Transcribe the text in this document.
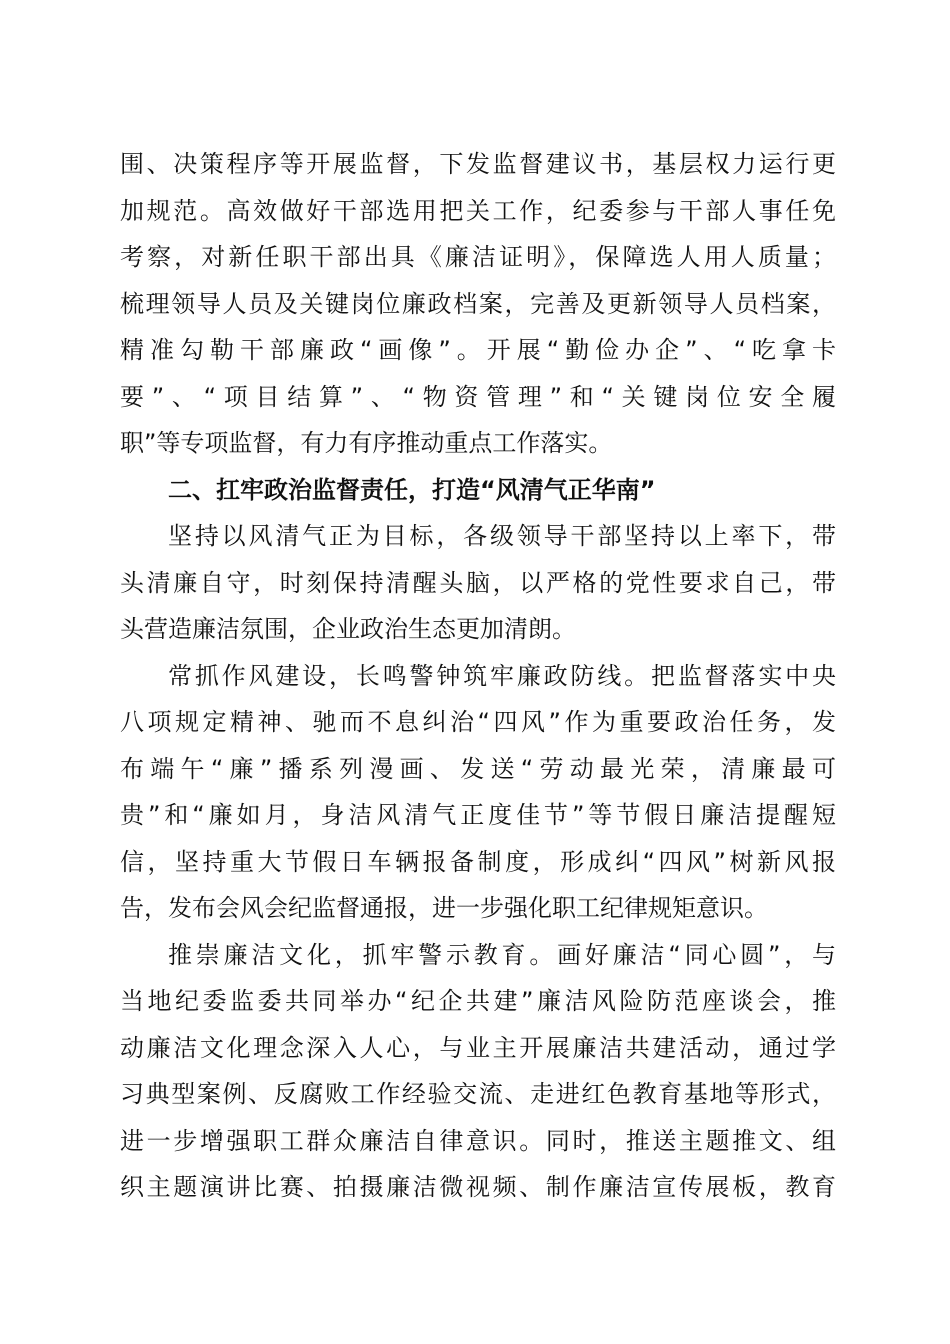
围、决策程序等开展监督，下发监督建议书，基层权力运行更
加规范。高效做好干部选用把关工作，纪委参与干部人事任免
考察，对新任职干部出具《廉洁证明》，保障选人用人质量；
梳理领导人员及关键岗位廉政档案，完善及更新领导人员档案，
精准勾勒干部廉政“画像”。开展“勤俭办企”、“吃拿卡
要”、“项目结算”、“物资管理”和“关键岗位安全履
职”等专项监督，有力有序推动重点工作落实。
二、扛牢政治监督责任，打造“风清气正华南”
坚持以风清气正为目标，各级领导干部坚持以上率下，带
头清廉自守，时刻保持清醒头脑，以严格的党性要求自己，带
头营造廉洁氛围，企业政治生态更加清朗。
常抓作风建设，长鸣警钟筑牢廉政防线。把监督落实中央
八项规定精神、驰而不息纠治“四风”作为重要政治任务，发
布端午“廉”播系列漫画、发送“劳动最光荣，清廉最可
贵”和“廉如月，身洁风清气正度佳节”等节假日廉洁提醒短
信，坚持重大节假日车辆报备制度，形成纠“四风”树新风报
告，发布会风会纪监督通报，进一步强化职工纪律规矩意识。
推崇廉洁文化，抓牢警示教育。画好廉洁“同心圆”，与
当地纪委监委共同举办“纪企共建”廉洁风险防范座谈会，推
动廉洁文化理念深入人心，与业主开展廉洁共建活动，通过学
习典型案例、反腐败工作经验交流、走进红色教育基地等形式，
进一步增强职工群众廉洁自律意识。同时，推送主题推文、组
织主题演讲比赛、拍摄廉洁微视频、制作廉洁宣传展板，教育
